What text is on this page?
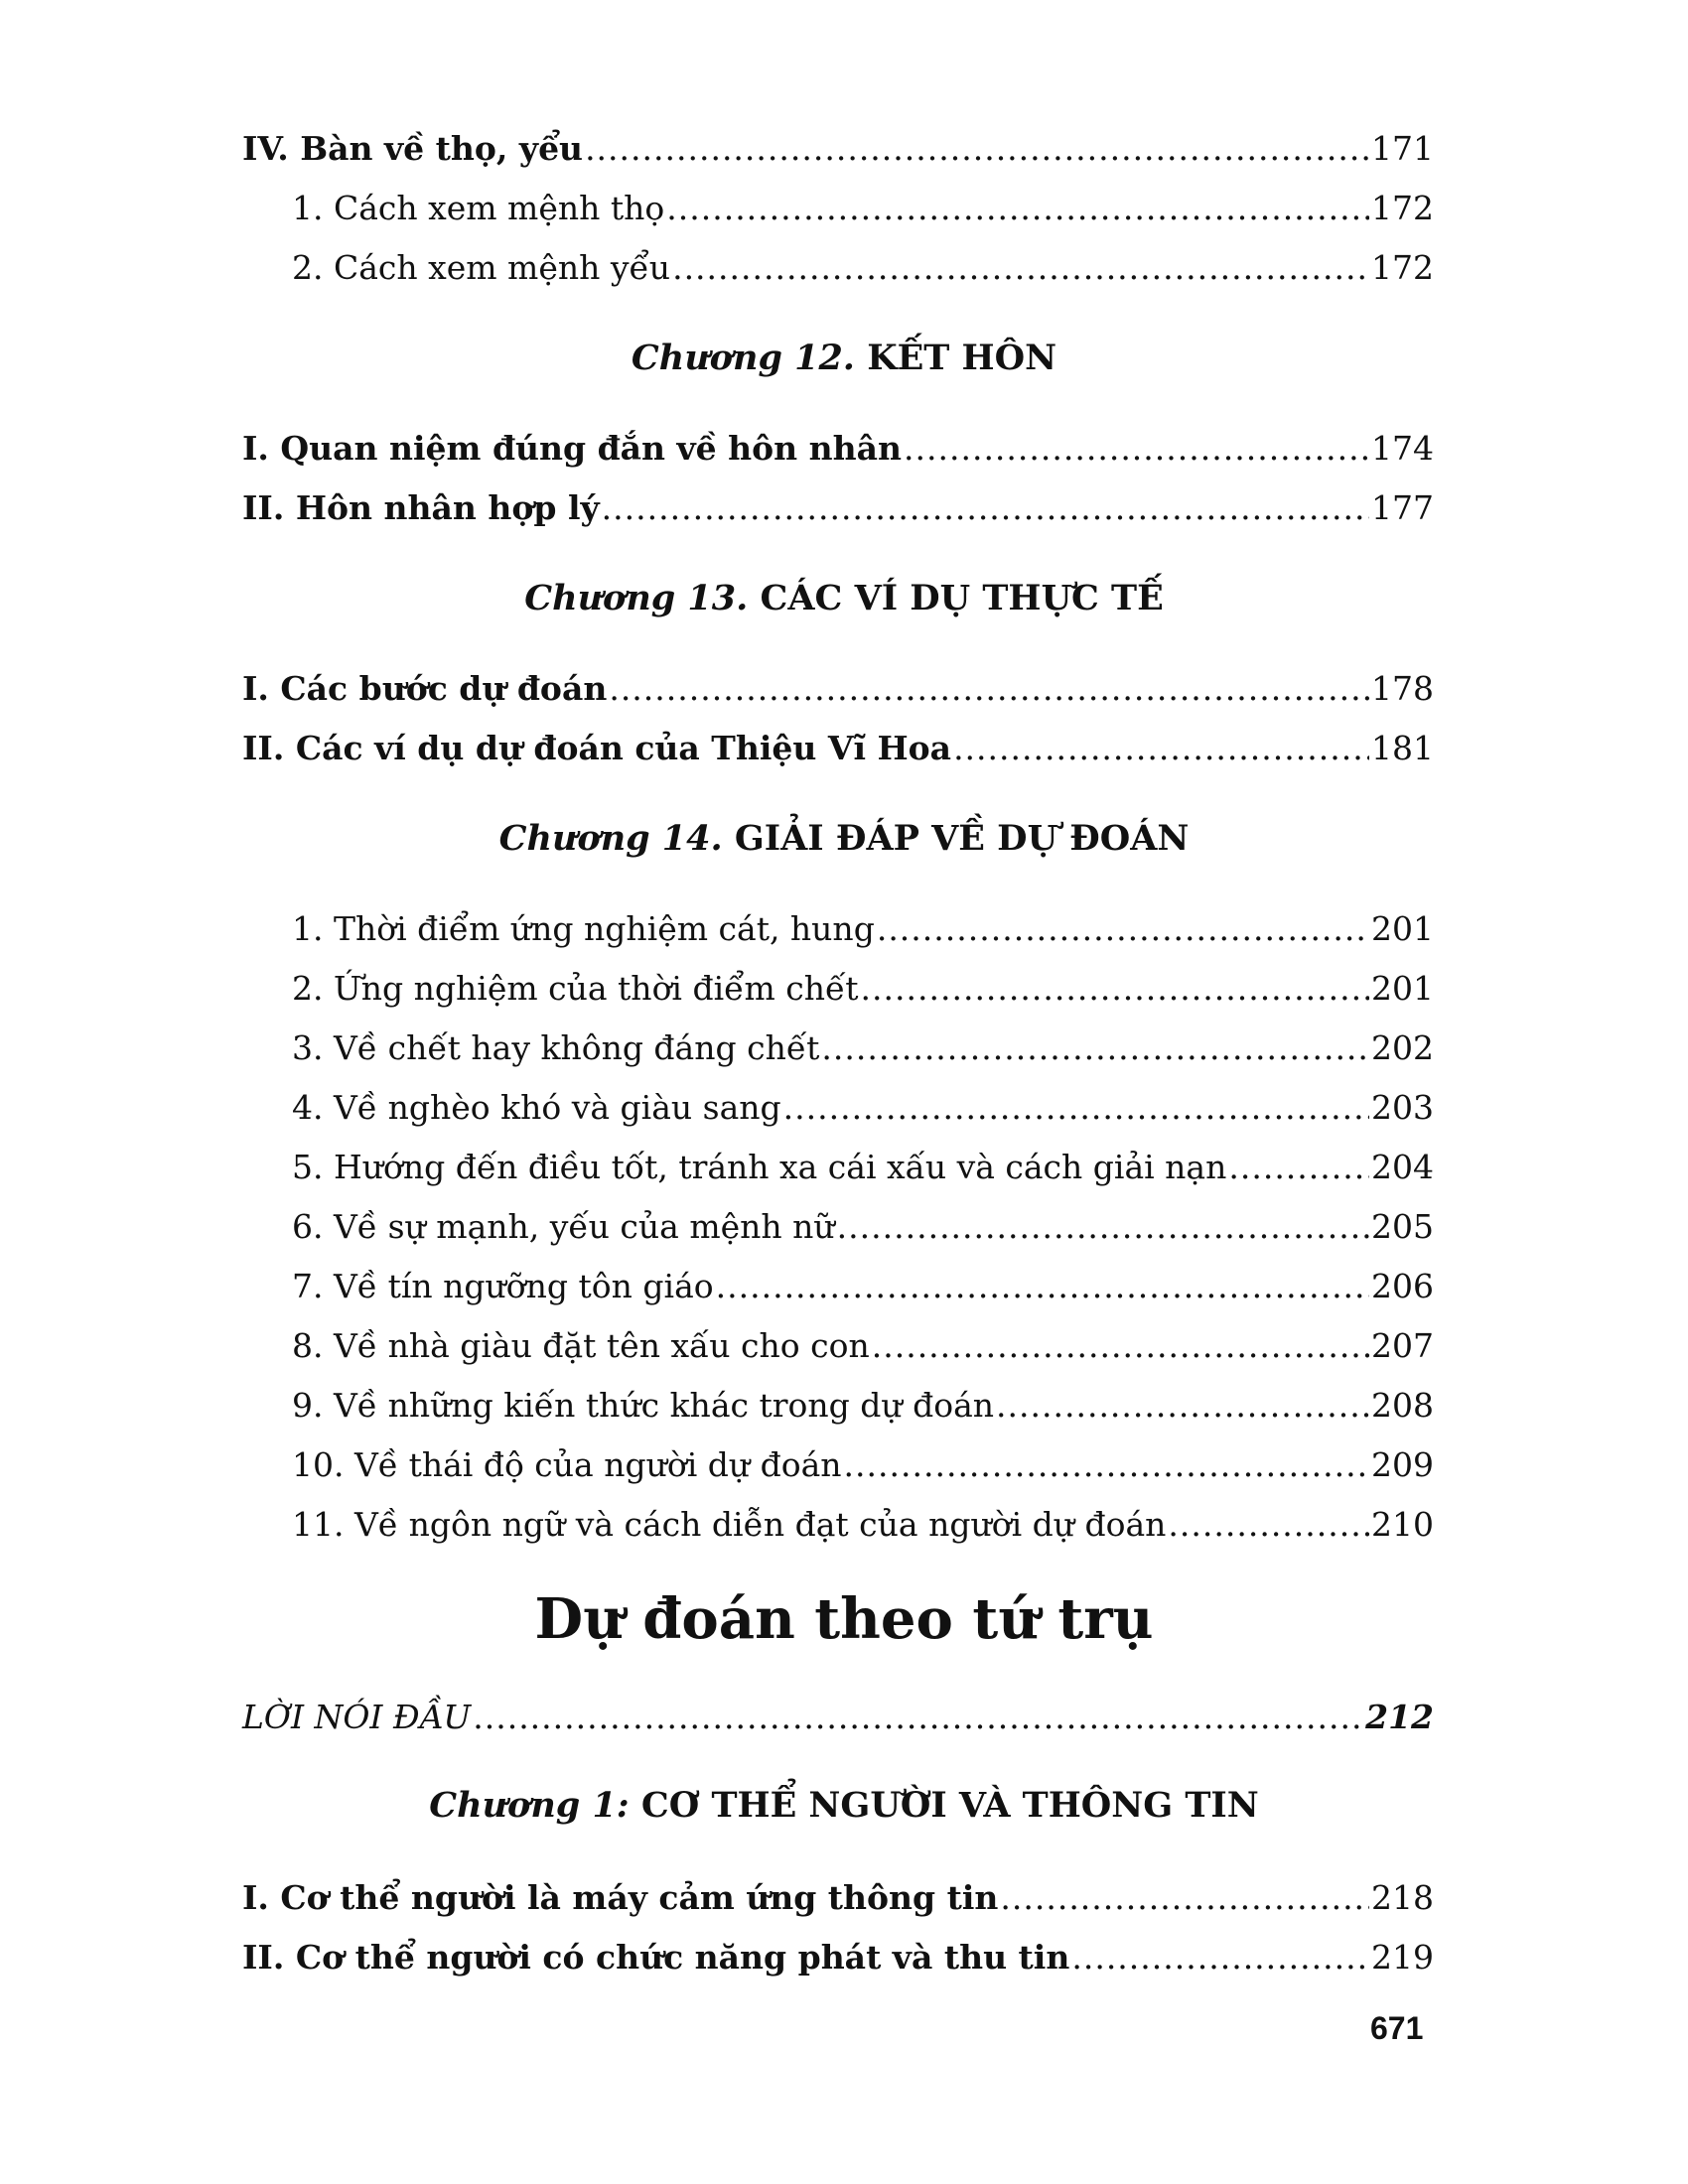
IV. Bàn về thọ, yểu .....	171
1. Cách xem mệnh thọ .....	172
2. Cách xem mệnh yểu .....	172
Chương 12. KẾT HÔN
I. Quan niệm đúng đắn về hôn nhân .....	174
II. Hôn nhân hợp lý .....	177
Chương 13. CÁC VÍ DỤ THỰC TẾ
I. Các bước dự đoán .....	178
II. Các ví dụ dự đoán của Thiệu Vĩ Hoa .....	181
Chương 14. GIẢI ĐÁP VỀ DỰ ĐOÁN
1. Thời điểm ứng nghiệm cát, hung .....	201
2. Ứng nghiệm của thời điểm chết .....	201
3. Về chết hay không đáng chết .....	202
4. Về nghèo khó và giàu sang .....	203
5. Hướng đến điều tốt, tránh xa cái xấu và cách giải nạn .....	204
6. Về sự mạnh, yếu của mệnh nữ .....	205
7. Về tín ngưỡng tôn giáo .....	206
8. Về nhà giàu đặt tên xấu cho con .....	207
9. Về những kiến thức khác trong dự đoán .....	208
10. Về thái độ của người dự đoán .....	209
11. Về ngôn ngữ và cách diễn đạt của người dự đoán .....	210
Dự đoán theo tứ trụ
LỜI NÓI ĐẦU .....	212
Chương 1: CƠ THỂ NGƯỜI VÀ THÔNG TIN
I. Cơ thể người là máy cảm ứng thông tin .....	218
II. Cơ thể người có chức năng phát và thu tin .....	219
671
